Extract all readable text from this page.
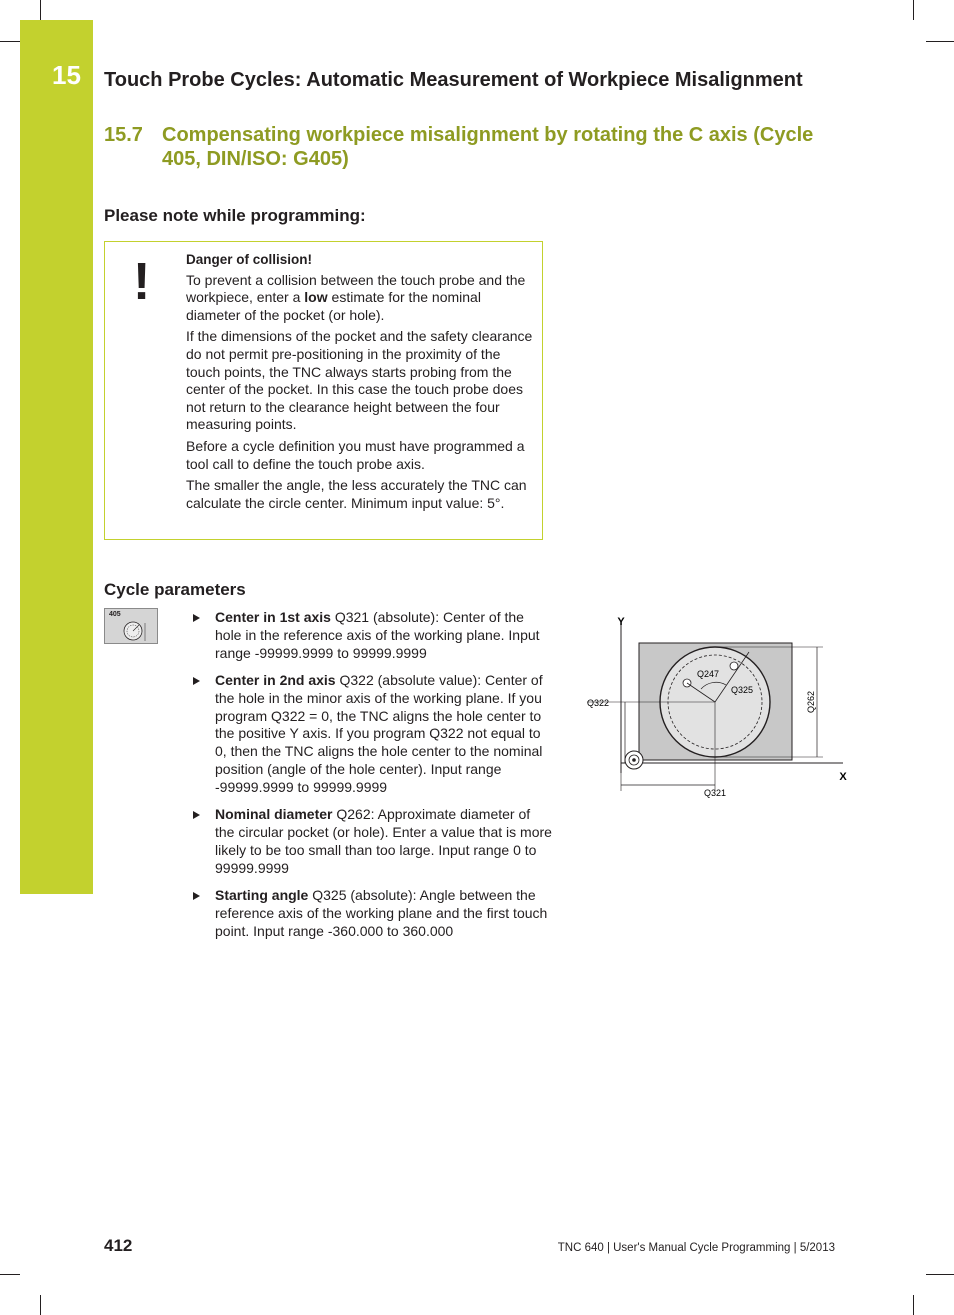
15 Touch Probe Cycles: Automatic Measurement of Workpiece Misalignment
15.7 Compensating workpiece misalignment by rotating the C axis (Cycle 405, DIN/ISO: G405)
Please note while programming:
!	Danger of collision!

To prevent a collision between the touch probe and the workpiece, enter a low estimate for the nominal diameter of the pocket (or hole).

If the dimensions of the pocket and the safety clearance do not permit pre-positioning in the proximity of the touch points, the TNC always starts probing from the center of the pocket. In this case the touch probe does not return to the clearance height between the four measuring points.

Before a cycle definition you must have programmed a tool call to define the touch probe axis.

The smaller the angle, the less accurately the TNC can calculate the circle center. Minimum input value: 5°.

Cycle parameters
405	Center in 1st axis Q321 (absolute): Center of the hole in the reference axis of the working plane. Input range -99999.9999 to 99999.9999
Center in 2nd axis Q322 (absolute value): Center of the hole in the minor axis of the working plane. If you program Q322 = 0, the TNC aligns the hole center to the positive Y axis. If you program Q322 not equal to 0, then the TNC aligns the hole center to the nominal position (angle of the hole center). Input range -99999.9999 to 99999.9999
Nominal diameter Q262: Approximate diameter of the circular pocket (or hole). Enter a value that is more likely to be too small than too large. Input range 0 to 99999.9999
Starting angle Q325 (absolute): Angle between the reference axis of the working plane and the first touch point. Input range -360.000 to 360.000
Y
X
Q247
Q325
Q322	Q262
Q321
412	TNC 640 | User's Manual Cycle Programming | 5/2013
